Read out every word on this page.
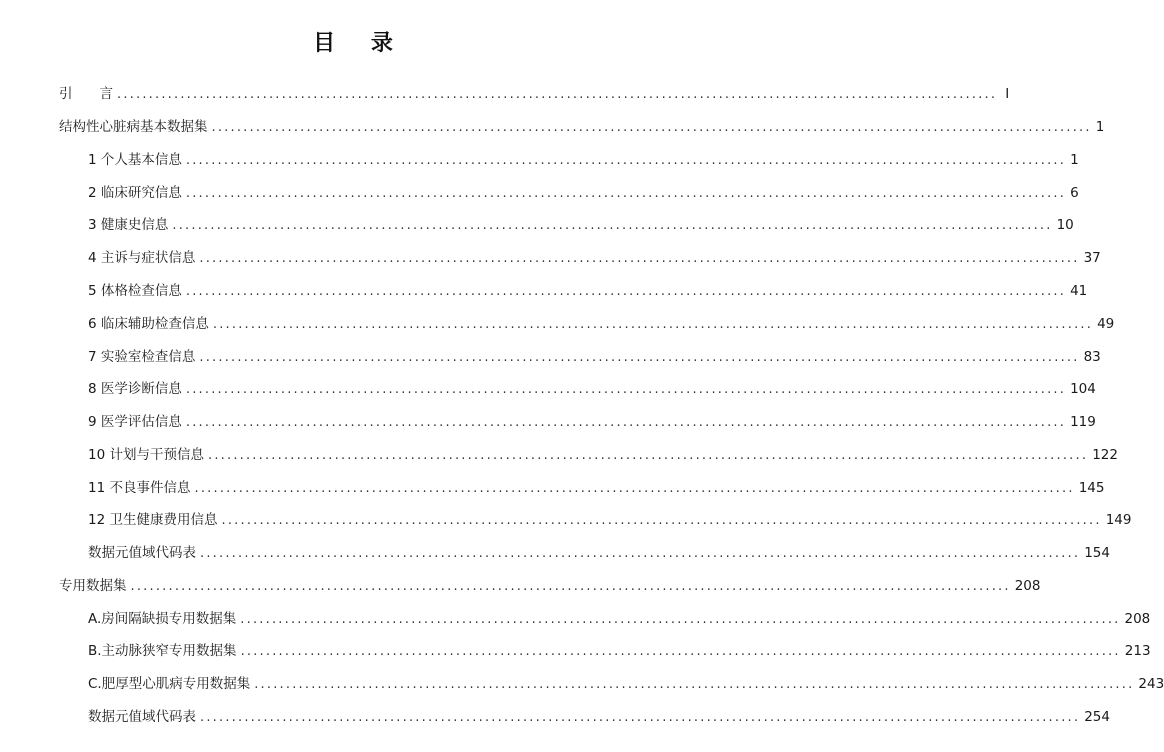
目 录
引　　言 ........................................................................................................................................... I
结构性心脏病基本数据集 ........................................................................................................................................... 1
1 个人基本信息 ........................................................................................................................................... 1
2 临床研究信息 ........................................................................................................................................... 6
3 健康史信息 ........................................................................................................................................... 10
4 主诉与症状信息 ........................................................................................................................................... 37
5 体格检查信息 ........................................................................................................................................... 41
6 临床辅助检查信息 ........................................................................................................................................... 49
7 实验室检查信息 ........................................................................................................................................... 83
8 医学诊断信息 ........................................................................................................................................... 104
9 医学评估信息 ........................................................................................................................................... 119
10 计划与干预信息 ........................................................................................................................................... 122
11 不良事件信息 ........................................................................................................................................... 145
12 卫生健康费用信息 ........................................................................................................................................... 149
数据元值域代码表 ........................................................................................................................................... 154
专用数据集 ........................................................................................................................................... 208
A.房间隔缺损专用数据集 ........................................................................................................................................... 208
B.主动脉狭窄专用数据集 ........................................................................................................................................... 213
C.肥厚型心肌病专用数据集 ........................................................................................................................................... 243
数据元值域代码表 ........................................................................................................................................... 254
